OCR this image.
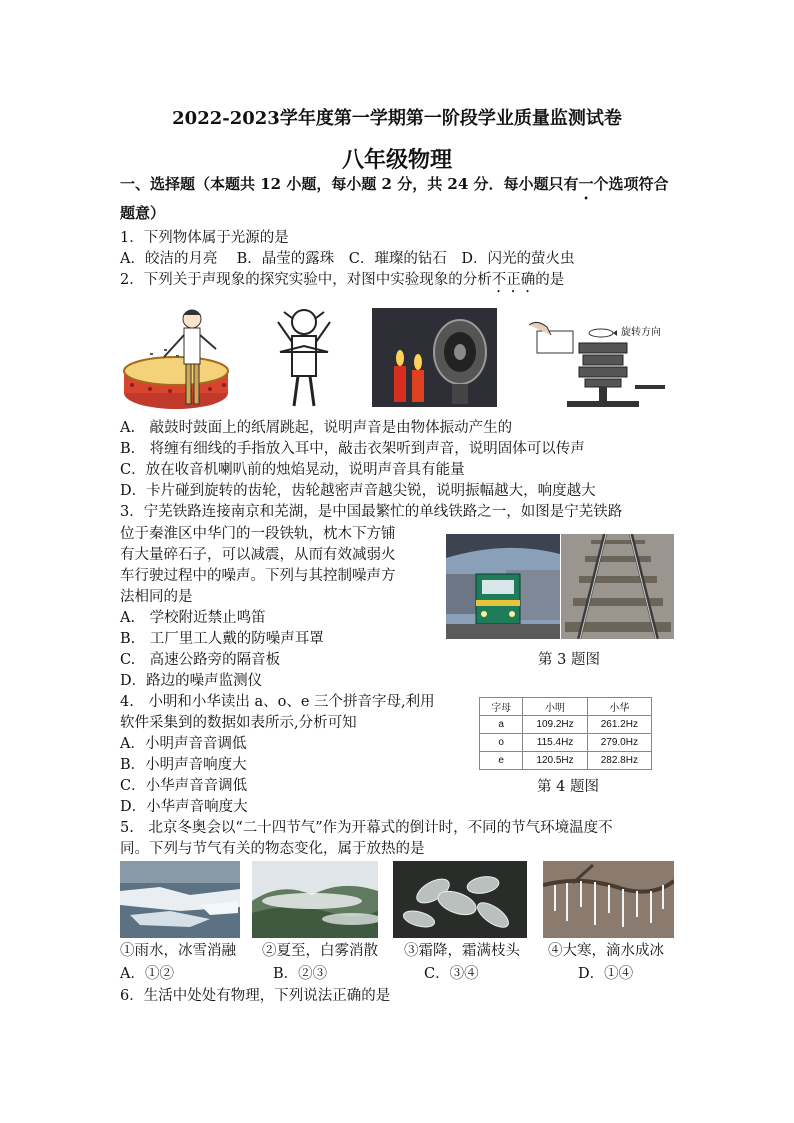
2022-2023学年度第一学期第一阶段学业质量监测试卷
八年级物理
一、选择题（本题共 12 小题，每小题 2 分，共 24 分．每小题只有一个选项符合
题意）
1．下列物体属于光源的是
A．皎洁的月亮　 B．晶莹的露珠　C．璀璨的钻石　D．闪光的萤火虫
2．下列关于声现象的探究实验中，对图中实验现象的分析不正确的是
旋转方向
A.　敲鼓时鼓面上的纸屑跳起，说明声音是由物体振动产生的
B.　将缠有细线的手指放入耳中，敲击衣架听到声音，说明固体可以传声
C．放在收音机喇叭前的烛焰晃动，说明声音具有能量
D．卡片碰到旋转的齿轮，齿轮越密声音越尖锐，说明振幅越大，响度越大
3．宁芜铁路连接南京和芜湖，是中国最繁忙的单线铁路之一，如图是宁芜铁路
位于秦淮区中华门的一段铁轨，枕木下方铺
有大量碎石子，可以减震，从而有效减弱火
车行驶过程中的噪声。下列与其控制噪声方
法相同的是
A.　学校附近禁止鸣笛
B.　工厂里工人戴的防噪声耳罩
C.　高速公路旁的隔音板
D．路边的噪声监测仪
第 3 题图
4.　小明和小华读出 a、o、e 三个拼音字母,利用
软件采集到的数据如表所示,分析可知
A．小明声音音调低
B．小明声音响度大
C．小华声音音调低
D．小华声音响度大
字母	小明	小华
a	109.2Hz	261.2Hz
o	115.4Hz	279.0Hz
e	120.5Hz	282.8Hz
第 4 题图
5.　北京冬奥会以“二十四节气”作为开幕式的倒计时，不同的节气环境温度不
同。下列与节气有关的物态变化，属于放热的是
①雨水，冰雪消融 ②夏至，白雾消散 ③霜降，霜满枝头 ④大寒，滴水成冰
A．①②	B．②③	C．③④	D．①④
6．生活中处处有物理，下列说法正确的是
